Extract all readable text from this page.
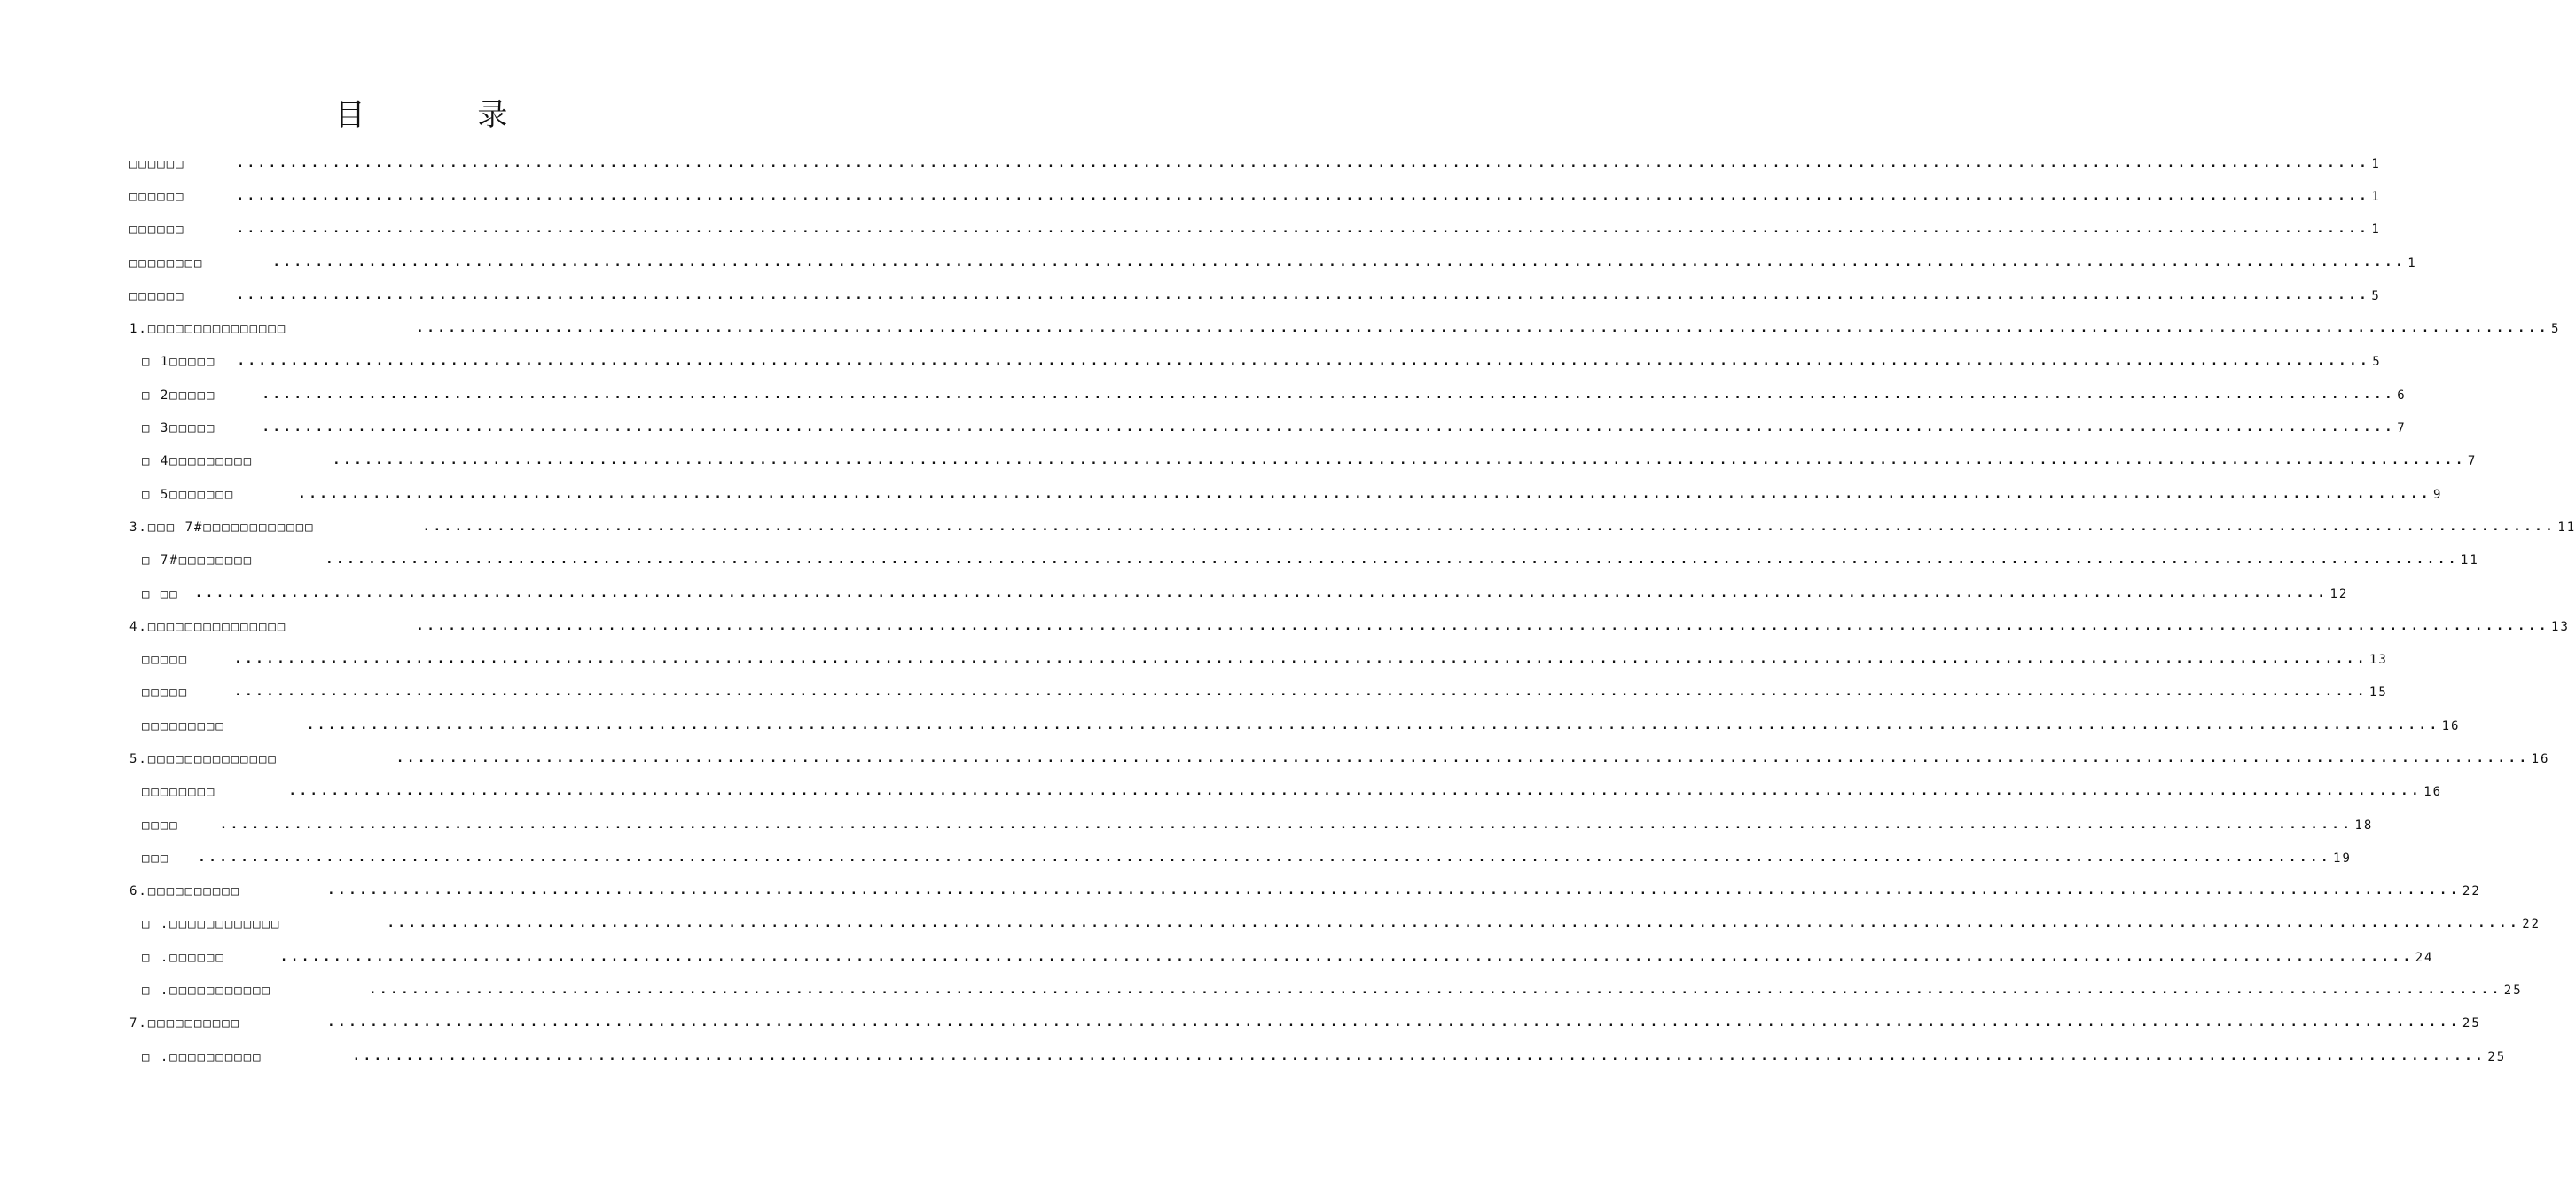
目 录
□□□□□□	........................................................................................................................................................................................................ 1
□□□□□□	........................................................................................................................................................................................................ 1
□□□□□□	........................................................................................................................................................................................................ 1
□□□□□□□□	........................................................................................................................................................................................................ 1
□□□□□□	........................................................................................................................................................................................................ 5
1.□□□□□□□□□□□□□□□	........................................................................................................................................................................................................ 5
□ 1□□□□□ ........................................................................................................................................................................................................ 5
□ 2□□□□□	........................................................................................................................................................................................................ 6
□ 3□□□□□	........................................................................................................................................................................................................ 7
□ 4□□□□□□□□□	........................................................................................................................................................................................................ 7
□ 5□□□□□□□	........................................................................................................................................................................................................ 9
3.□□□ 7#□□□□□□□□□□□□	........................................................................................................................................................................................................ 11
□ 7#□□□□□□□□	........................................................................................................................................................................................................ 11
□ □□ ........................................................................................................................................................................................................ 12
4.□□□□□□□□□□□□□□□	........................................................................................................................................................................................................ 13
□□□□□	........................................................................................................................................................................................................ 13
□□□□□	........................................................................................................................................................................................................ 15
□□□□□□□□□	........................................................................................................................................................................................................ 16
5.□□□□□□□□□□□□□□	........................................................................................................................................................................................................ 16
□□□□□□□□	........................................................................................................................................................................................................ 16
□□□□	........................................................................................................................................................................................................ 18
□□□ ........................................................................................................................................................................................................ 19
6.□□□□□□□□□□	........................................................................................................................................................................................................ 22
□ .□□□□□□□□□□□□	........................................................................................................................................................................................................ 22
□ .□□□□□□	........................................................................................................................................................................................................ 24
□ .□□□□□□□□□□□	........................................................................................................................................................................................................ 25
7.□□□□□□□□□□	........................................................................................................................................................................................................ 25
□ .□□□□□□□□□□	........................................................................................................................................................................................................ 25
